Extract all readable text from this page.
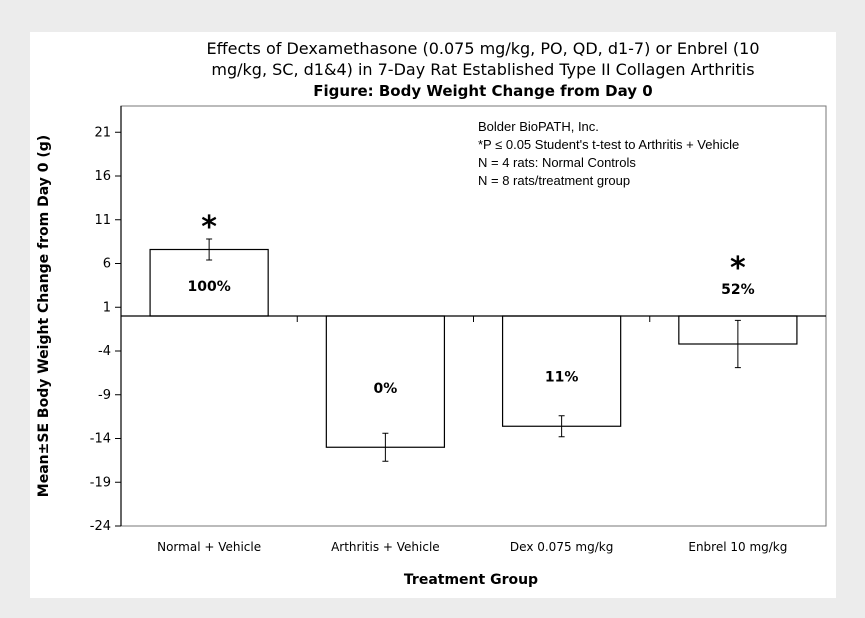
Effects of Dexamethasone (0.075 mg/kg, PO, QD, d1-7) or Enbrel (10
mg/kg, SC, d1&4) in 7-Day Rat Established Type II Collagen Arthritis
Figure: Body Weight Change from Day 0
21
16
11
6
1
-4
-9
-14
-19
-24
100%
*
0%
11%
52%
*
Normal + Vehicle	Arthritis + Vehicle	Dex 0.075 mg/kg	Enbrel 10 mg/kg
Bolder BioPATH, Inc.
*P ≤ 0.05 Student's t-test to Arthritis + Vehicle
N = 4 rats: Normal Controls
N = 8 rats/treatment group
Treatment Group
Mean±SE Body Weight Change from Day 0 (g)
